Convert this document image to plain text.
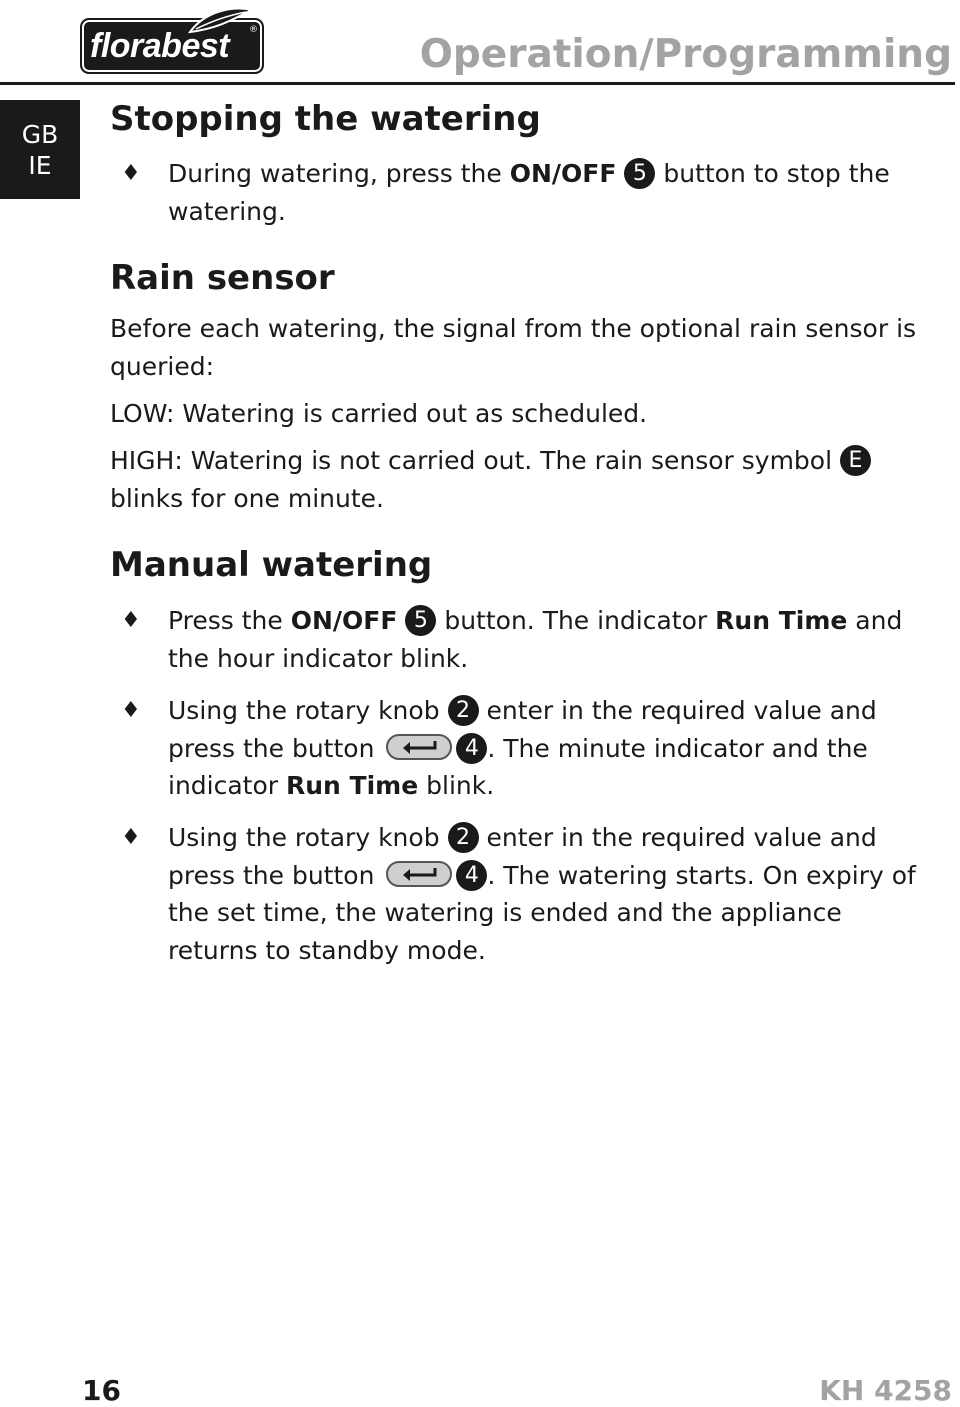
florabest ®
Operation/Programming
GB
IE
Stopping the watering
♦ During watering, press the ON/OFF 5 button to stop the watering.
Rain sensor

Before each watering, the signal from the optional rain sensor is queried:

LOW: Watering is carried out as scheduled.

HIGH: Watering is not carried out. The rain sensor symbol E blinks for one minute.

Manual watering
♦ Press the ON/OFF 5 button. The indicator Run Time and the hour indicator blink.
♦ Using the rotary knob 2 enter in the required value and press the button	4 . The minute indicator and the indicator Run Time blink.
♦ Using the rotary knob 2 enter in the required value and press the button	4 . The watering starts. On expiry of the set time, the watering is ended and the appliance returns to standby mode.
16	KH 4258
